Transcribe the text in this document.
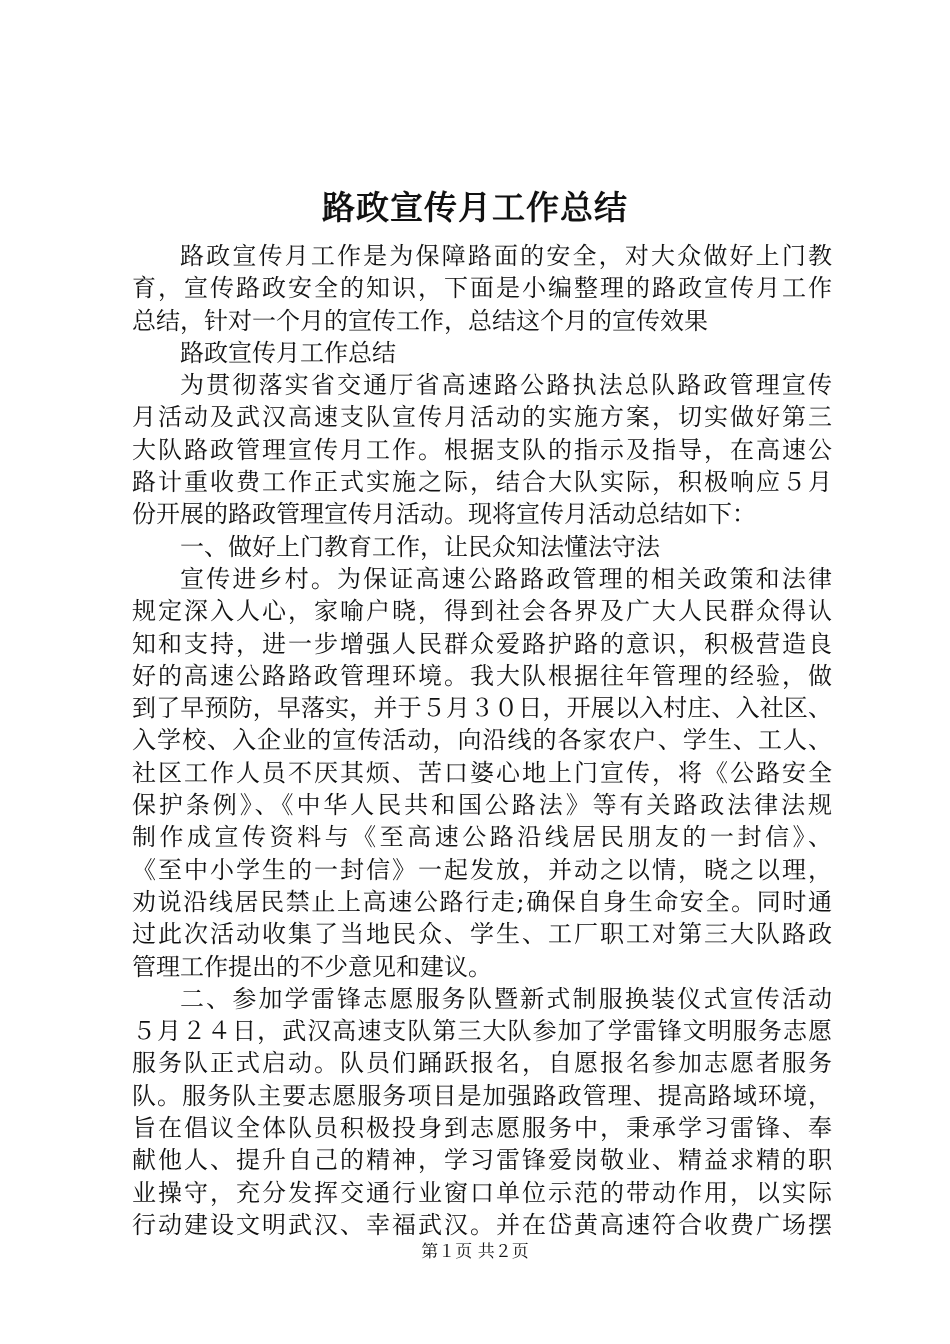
路政宣传月工作总结
路政宣传月工作是为保障路面的安全，对大众做好上门教
育，宣传路政安全的知识，下面是小编整理的路政宣传月工作
总结，针对一个月的宣传工作，总结这个月的宣传效果
路政宣传月工作总结
为贯彻落实省交通厅省高速路公路执法总队路政管理宣传
月活动及武汉高速支队宣传月活动的实施方案，切实做好第三
大队路政管理宣传月工作。根据支队的指示及指导，在高速公
路计重收费工作正式实施之际，结合大队实际，积极响应５月
份开展的路政管理宣传月活动。现将宣传月活动总结如下：
一、做好上门教育工作，让民众知法懂法守法
宣传进乡村。为保证高速公路路政管理的相关政策和法律
规定深入人心，家喻户晓，得到社会各界及广大人民群众得认
知和支持，进一步增强人民群众爱路护路的意识，积极营造良
好的高速公路路政管理环境。我大队根据往年管理的经验，做
到了早预防，早落实，并于５月３０日，开展以入村庄、入社区、
入学校、入企业的宣传活动，向沿线的各家农户、学生、工人、
社区工作人员不厌其烦、苦口婆心地上门宣传，将《公路安全
保护条例》、《中华人民共和国公路法》等有关路政法律法规
制作成宣传资料与《至高速公路沿线居民朋友的一封信》、
《至中小学生的一封信》一起发放，并动之以情，晓之以理，
劝说沿线居民禁止上高速公路行走;确保自身生命安全。同时通
过此次活动收集了当地民众、学生、工厂职工对第三大队路政
管理工作提出的不少意见和建议。
二、参加学雷锋志愿服务队暨新式制服换装仪式宣传活动
５月２４日，武汉高速支队第三大队参加了学雷锋文明服务志愿
服务队正式启动。队员们踊跃报名，自愿报名参加志愿者服务
队。服务队主要志愿服务项目是加强路政管理、提高路域环境，
旨在倡议全体队员积极投身到志愿服务中，秉承学习雷锋、奉
献他人、提升自己的精神，学习雷锋爱岗敬业、精益求精的职
业操守，充分发挥交通行业窗口单位示范的带动作用，以实际
行动建设文明武汉、幸福武汉。并在岱黄高速符合收费广场摆
第１页 共２页
